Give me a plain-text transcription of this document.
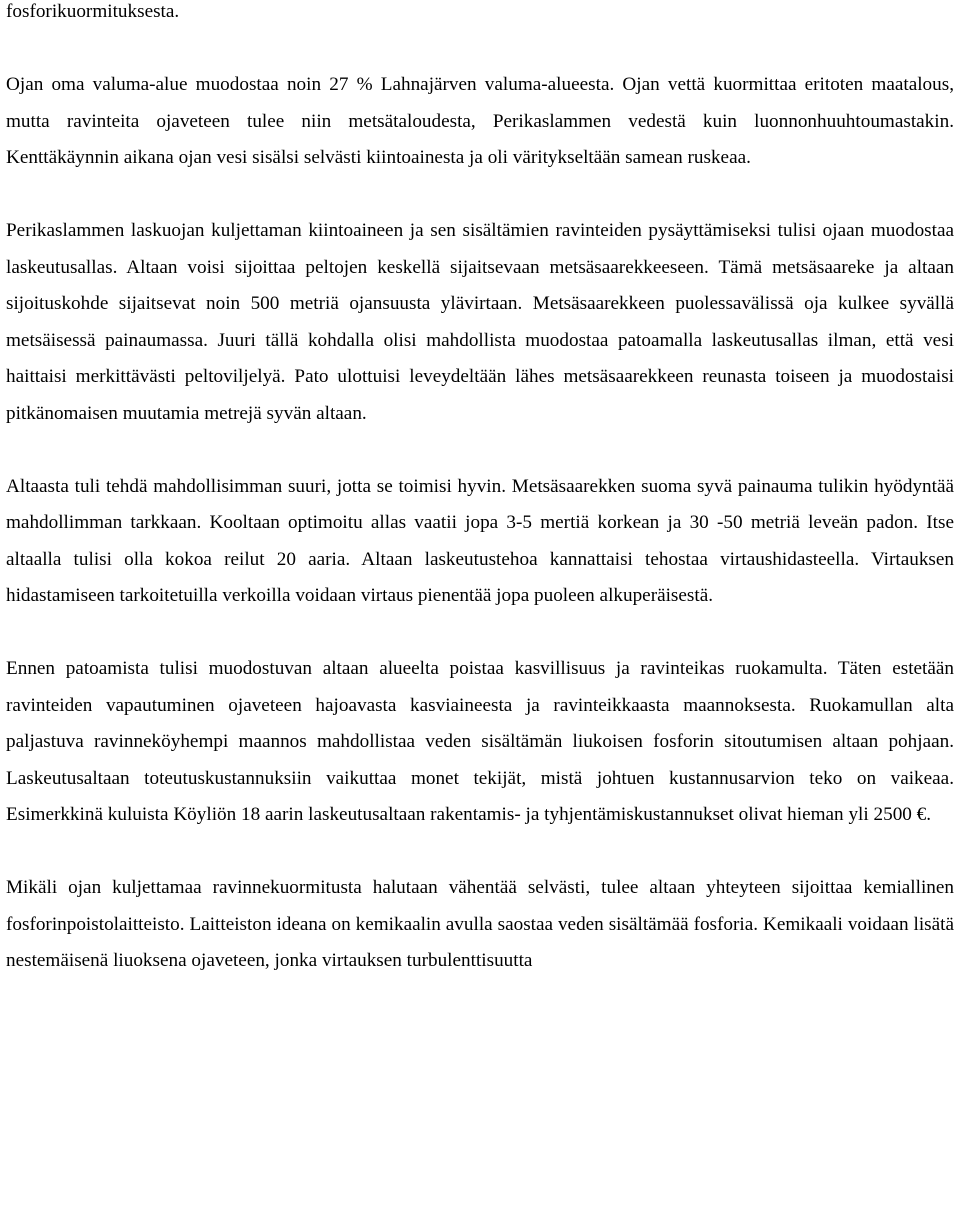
fosforikuormituksesta.

Ojan oma valuma-alue muodostaa noin 27 % Lahnajärven valuma-alueesta. Ojan vettä kuormittaa eritoten maatalous, mutta ravinteita ojaveteen tulee niin metsätaloudesta, Perikaslammen vedestä kuin luonnonhuuhtoumastakin. Kenttäkäynnin aikana ojan vesi sisälsi selvästi kiintoainesta ja oli väritykseltään samean ruskeaa.

Perikaslammen laskuojan kuljettaman kiintoaineen ja sen sisältämien ravinteiden pysäyttämiseksi tulisi ojaan muodostaa laskeutusallas. Altaan voisi sijoittaa peltojen keskellä sijaitsevaan metsäsaarekkeeseen. Tämä metsäsaareke ja altaan sijoituskohde sijaitsevat noin 500 metriä ojansuusta ylävirtaan. Metsäsaarekkeen puolessavälissä oja kulkee syvällä metsäisessä painaumassa. Juuri tällä kohdalla olisi mahdollista muodostaa patoamalla laskeutusallas ilman, että vesi haittaisi merkittävästi peltoviljelyä. Pato ulottuisi leveydeltään lähes metsäsaarekkeen reunasta toiseen ja muodostaisi pitkänomaisen muutamia metrejä syvän altaan.

Altaasta tuli tehdä mahdollisimman suuri, jotta se toimisi hyvin. Metsäsaarekken suoma syvä painauma tulikin hyödyntää mahdollimman tarkkaan. Kooltaan optimoitu allas vaatii jopa 3-5 mertiä korkean ja 30 -50 metriä leveän padon. Itse altaalla tulisi olla kokoa reilut 20 aaria. Altaan laskeutustehoa kannattaisi tehostaa virtaushidasteella. Virtauksen hidastamiseen tarkoitetuilla verkoilla voidaan virtaus pienentää jopa puoleen alkuperäisestä.

Ennen patoamista tulisi muodostuvan altaan alueelta poistaa kasvillisuus ja ravinteikas ruokamulta. Täten estetään ravinteiden vapautuminen ojaveteen hajoavasta kasviaineesta ja ravinteikkaasta maannoksesta. Ruokamullan alta paljastuva ravinneköyhempi maannos mahdollistaa veden sisältämän liukoisen fosforin sitoutumisen altaan pohjaan. Laskeutusaltaan toteutuskustannuksiin vaikuttaa monet tekijät, mistä johtuen kustannusarvion teko on vaikeaa. Esimerkkinä kuluista Köyliön 18 aarin laskeutusaltaan rakentamis- ja tyhjentämiskustannukset olivat hieman yli 2500 €.

Mikäli ojan kuljettamaa ravinnekuormitusta halutaan vähentää selvästi, tulee altaan yhteyteen sijoittaa kemiallinen fosforinpoistolaitteisto. Laitteiston ideana on kemikaalin avulla saostaa veden sisältämää fosforia. Kemikaali voidaan lisätä nestemäisenä liuoksena ojaveteen, jonka virtauksen turbulenttisuutta
